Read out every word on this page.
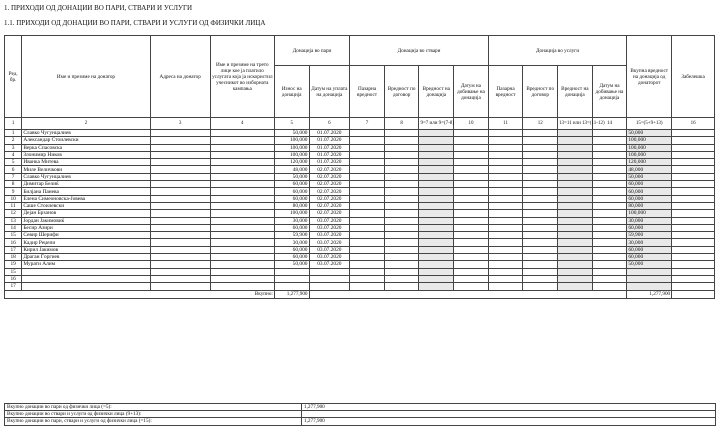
1. ПРИХОДИ ОД ДОНАЦИИ ВО ПАРИ, СТВАРИ И УСЛУГИ
1.1. ПРИХОДИ ОД ДОНАЦИИ ВО ПАРИ, СТВАРИ И УСЛУГИ ОД ФИЗИЧКИ ЛИЦА
Ред. бр.	Име и презиме на донатор	Адреса на донатор	Име и презиме на трето лице кое ја платило услугата која ја искористил учесникот во изборната кампања	Донација во пари		Донација во ствари				Донација во услуги				Вкупна вредност на донација од донаторот	Забелешка
				Износ на донација	Датум на уплата на донација	Пазарна вредност	Вредност по договор	Вредност на донација	Датум на добивање на донација	Пазарна вредност	Вредност по договор	Вредност на донација	Датум на добивање на донација		
1	2	3	4	5	6	7	8	9=7 или 9=(7-8)	10	11	12	13=11 или 13=(11-12)	14	15=(5+9+13)	16
1	Славко Чугунцалиев			50,000	01.07.2020									50,000	
2	Александар Стоилевски			100,000	01.07.2020									100,000	
3	Верка Спасовска			100,000	01.07.2020									100,000	
4	Злонимир Ников			100,000	01.07.2020									100,000	
5	Иванка Митева			120,000	01.07.2020									120,000	
6	Миле Величкови			48,000	02.07.2020									48,000	
7	Славко Чугунцалиев			50,000	02.07.2020									50,000	
8	Димитар Белиќ			60,000	02.07.2020									60,000	
9	Билјана Панева			60,000	02.07.2020									60,000	
10	Елена Симеоновска-Јовева			60,000	02.07.2020									60,000	
11	Саше Стоилевски			80,000	02.07.2020									80,000	
12	Дејан Брзанов			100,000	02.07.2020									100,000	
13	Јордан Јакимовиќ			30,000	03.07.2020									30,000	
14	Бесир Азири			60,000	03.07.2020									60,000	
15	Севир Шерифи			59,900	03.07.2020									59,900	
16	Кадир Реџепи			30,000	03.07.2020									30,000	
17	Кирил Јакимов			60,000	03.07.2020									60,000	
18	Драган Ѓоргиев			60,000	03.07.2020									60,000	
19	Мурати Алим			50,000	03.07.2020									50,000	
15															
16															
17															
Вкупно:				1,277,900										1,277,900	
Вкупно донации во пари од физички лица (=5):	1,277,900
Вкупно донации во ствари и услуги од физички лица (9+13):	
Вкупно донации во пари, ствари и услуги од физички лица (=15):	1,277,900
